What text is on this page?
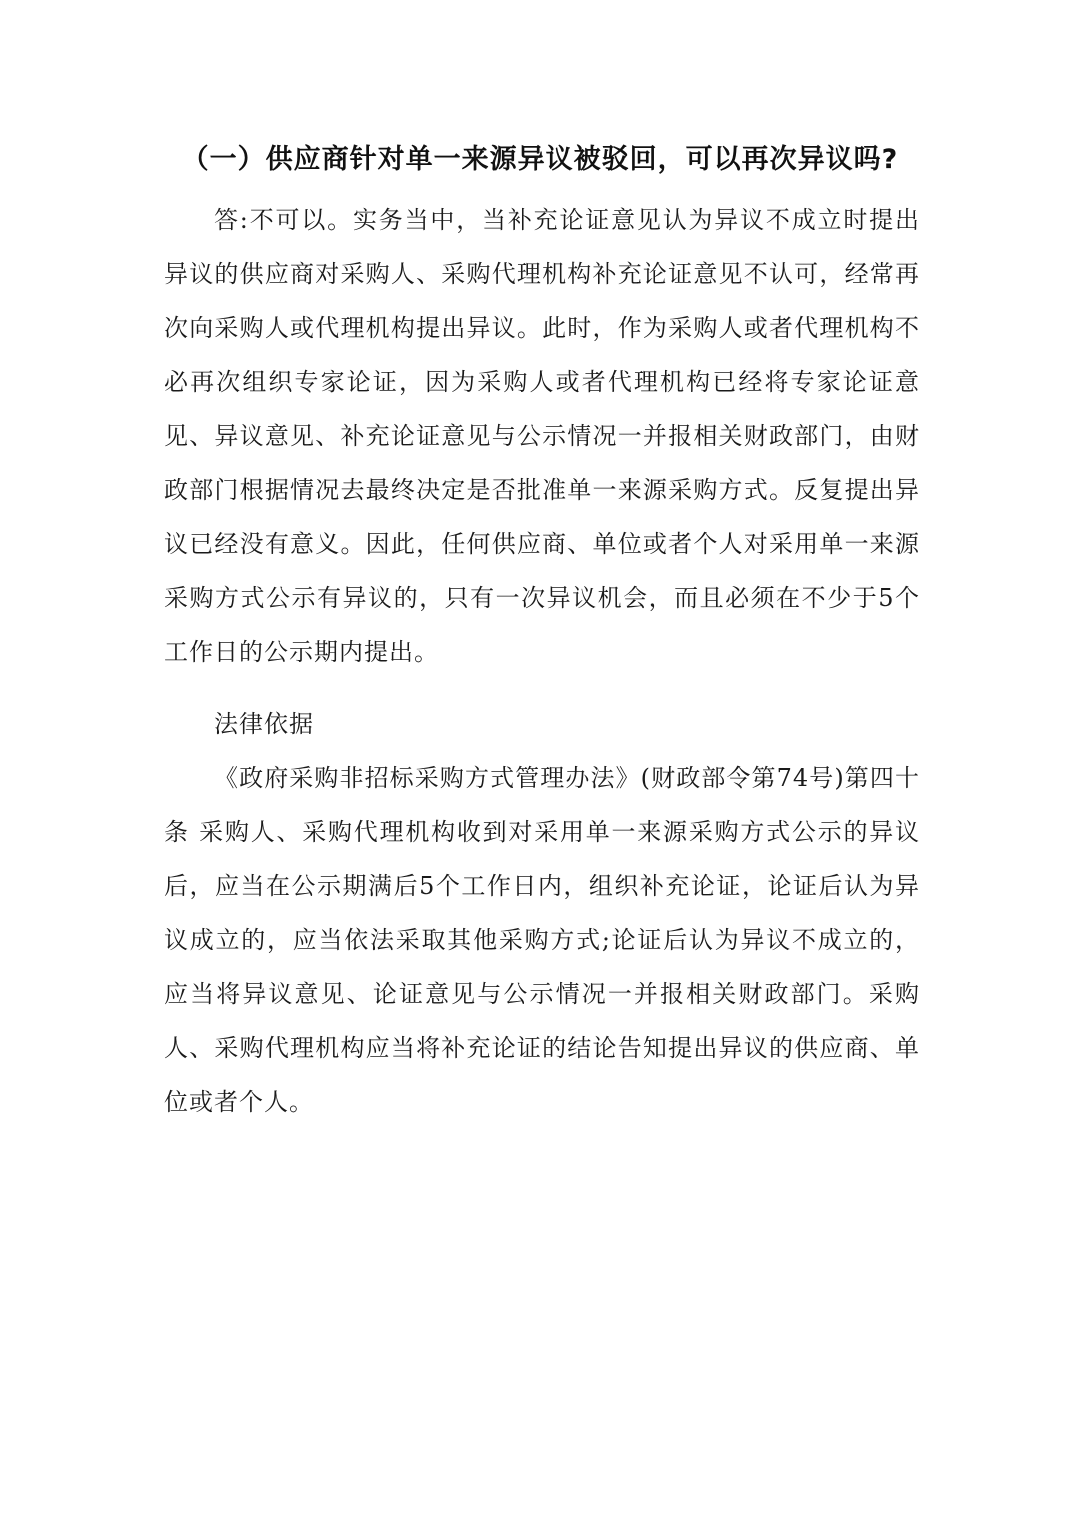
（一）供应商针对单一来源异议被驳回，可以再次异议吗?

答:不可以。实务当中，当补充论证意见认为异议不成立时提出异议的供应商对采购人、采购代理机构补充论证意见不认可，经常再次向采购人或代理机构提出异议。此时，作为采购人或者代理机构不必再次组织专家论证，因为采购人或者代理机构已经将专家论证意见、异议意见、补充论证意见与公示情况一并报相关财政部门，由财政部门根据情况去最终决定是否批准单一来源采购方式。反复提出异议已经没有意义。因此，任何供应商、单位或者个人对采用单一来源采购方式公示有异议的，只有一次异议机会，而且必须在不少于5个工作日的公示期内提出。

法律依据

《政府采购非招标采购方式管理办法》(财政部令第74号)第四十条 采购人、采购代理机构收到对采用单一来源采购方式公示的异议后，应当在公示期满后5个工作日内，组织补充论证，论证后认为异议成立的，应当依法采取其他采购方式;论证后认为异议不成立的，应当将异议意见、论证意见与公示情况一并报相关财政部门。采购人、采购代理机构应当将补充论证的结论告知提出异议的供应商、单位或者个人。
